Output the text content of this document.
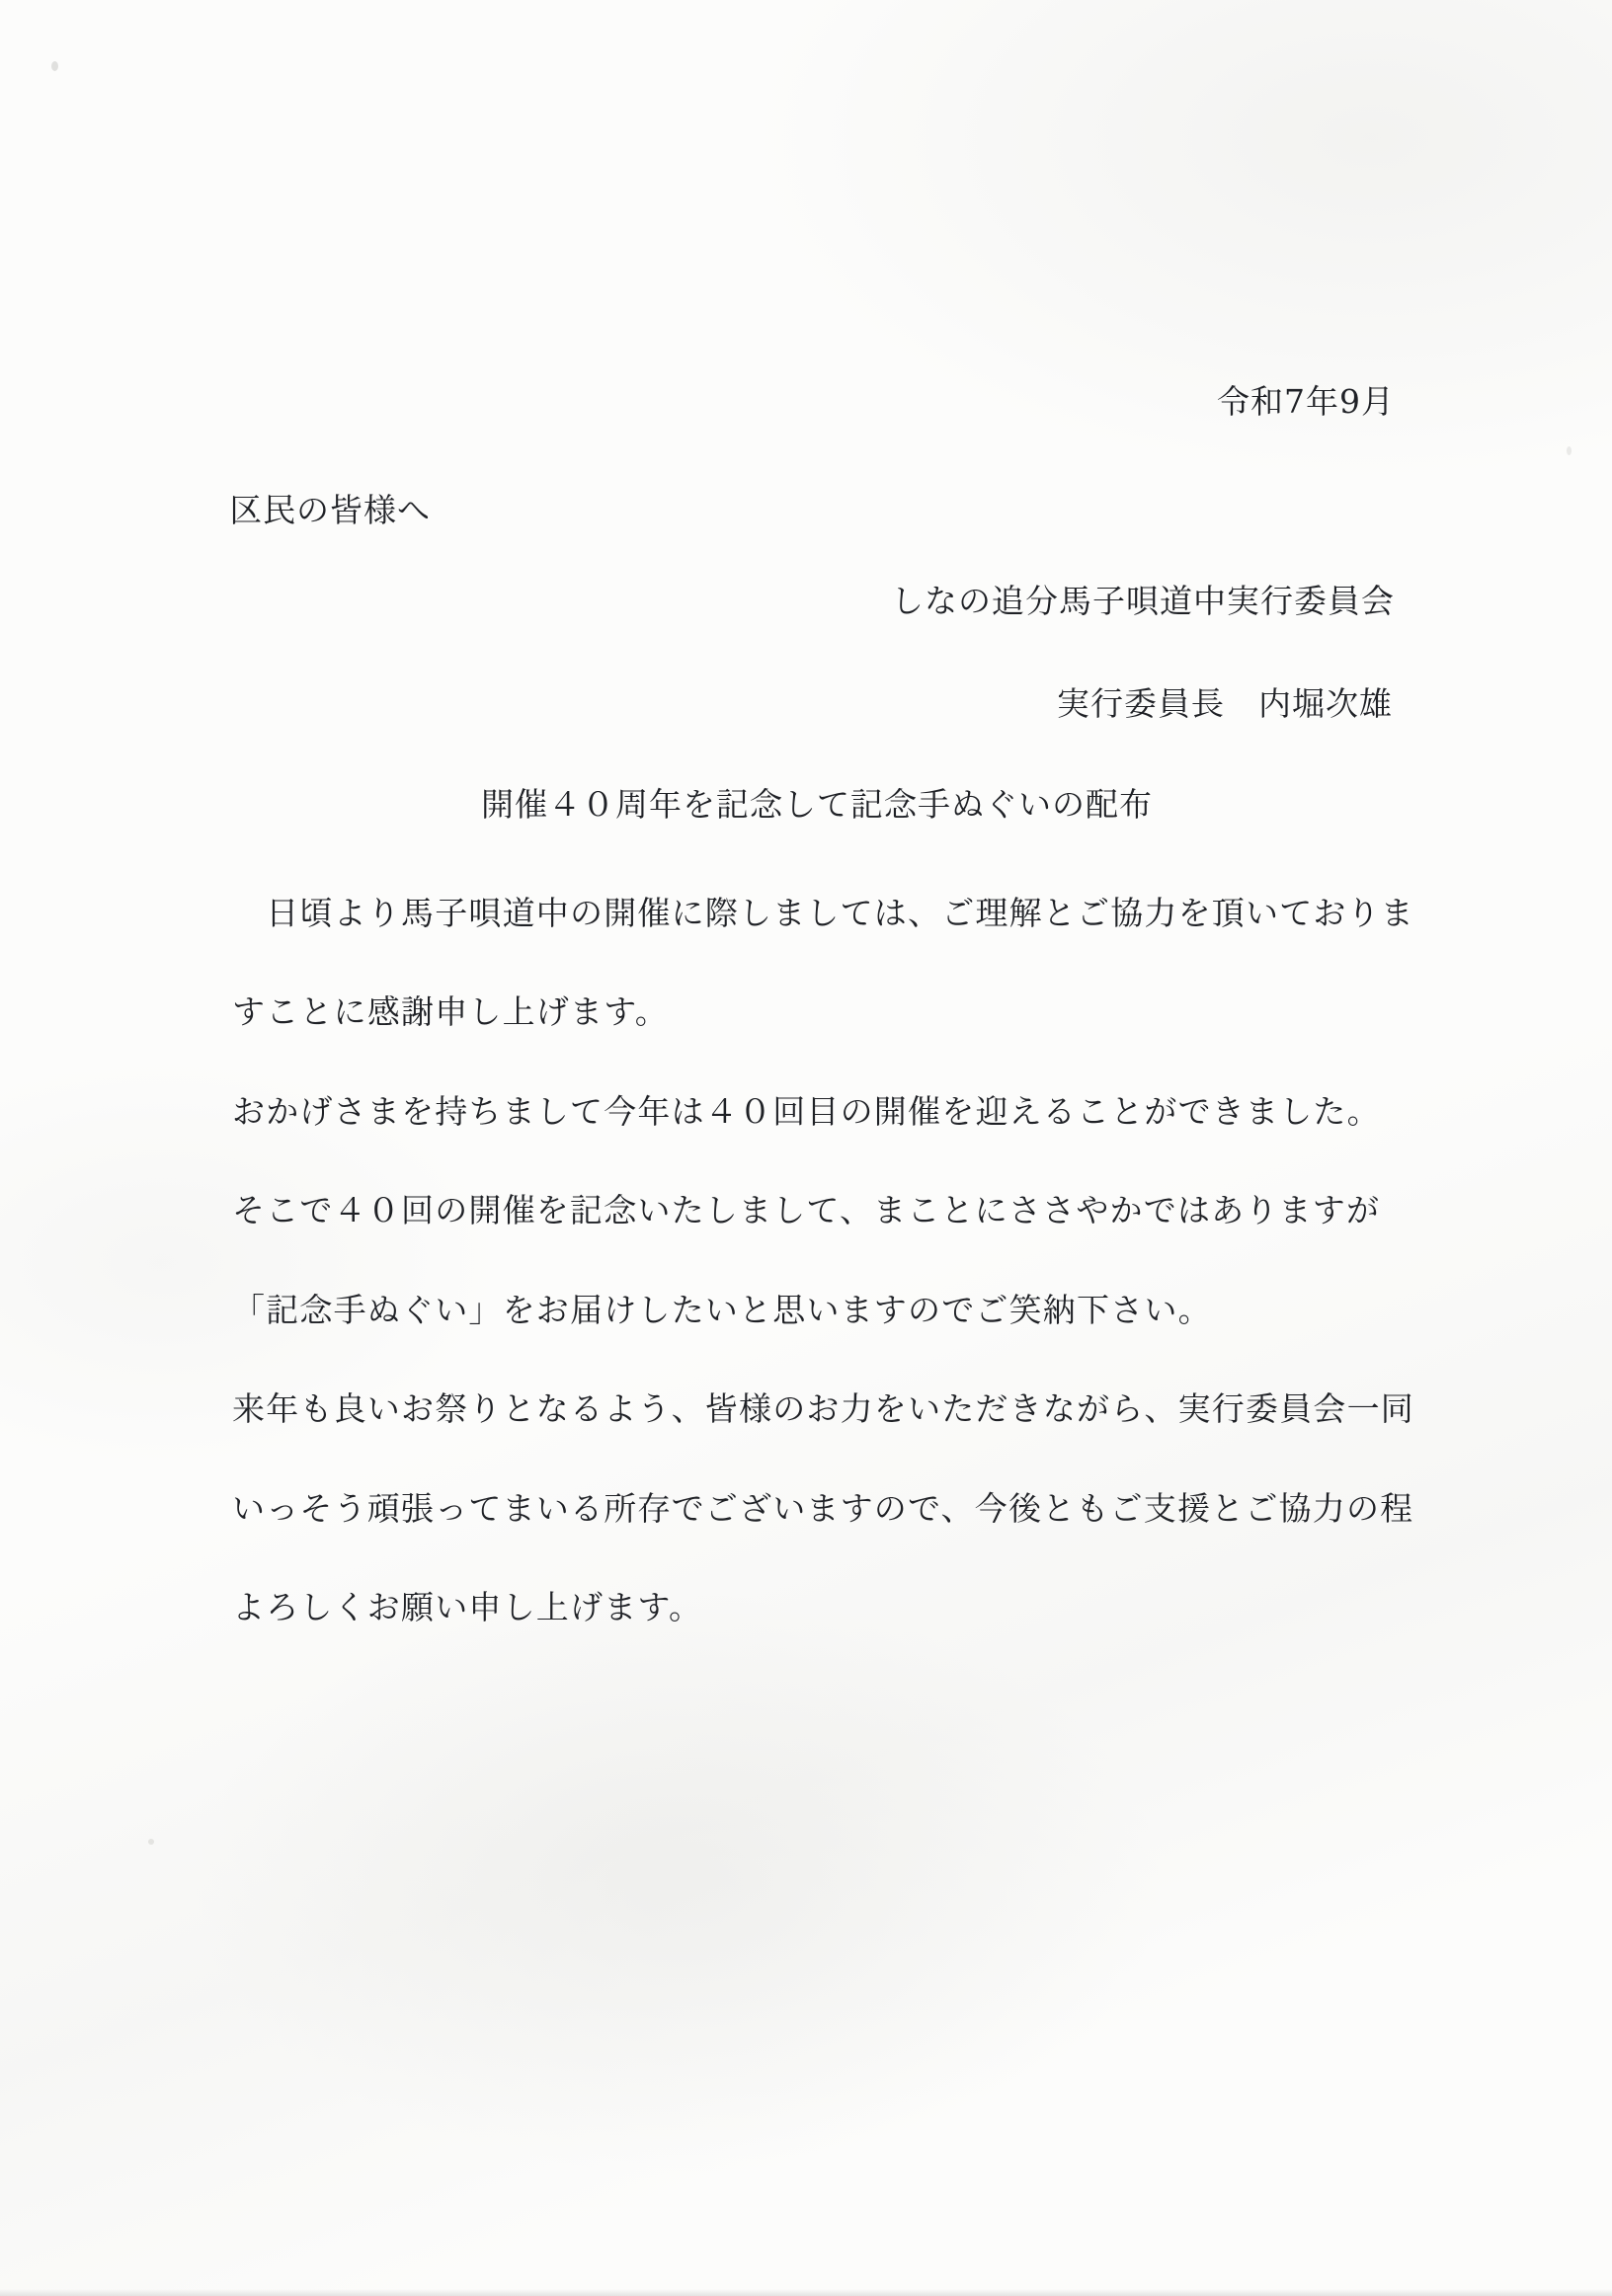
令和7年9月
区民の皆様へ
しなの追分馬子唄道中実行委員会
実行委員長　内堀次雄
開催４０周年を記念して記念手ぬぐいの配布
　日頃より馬子唄道中の開催に際しましては、ご理解とご協力を頂いておりま
すことに感謝申し上げます。
おかげさまを持ちまして今年は４０回目の開催を迎えることができました。
そこで４０回の開催を記念いたしまして、まことにささやかではありますが
「記念手ぬぐい」をお届けしたいと思いますのでご笑納下さい。
来年も良いお祭りとなるよう、皆様のお力をいただきながら、実行委員会一同
いっそう頑張ってまいる所存でございますので、今後ともご支援とご協力の程
よろしくお願い申し上げます。
